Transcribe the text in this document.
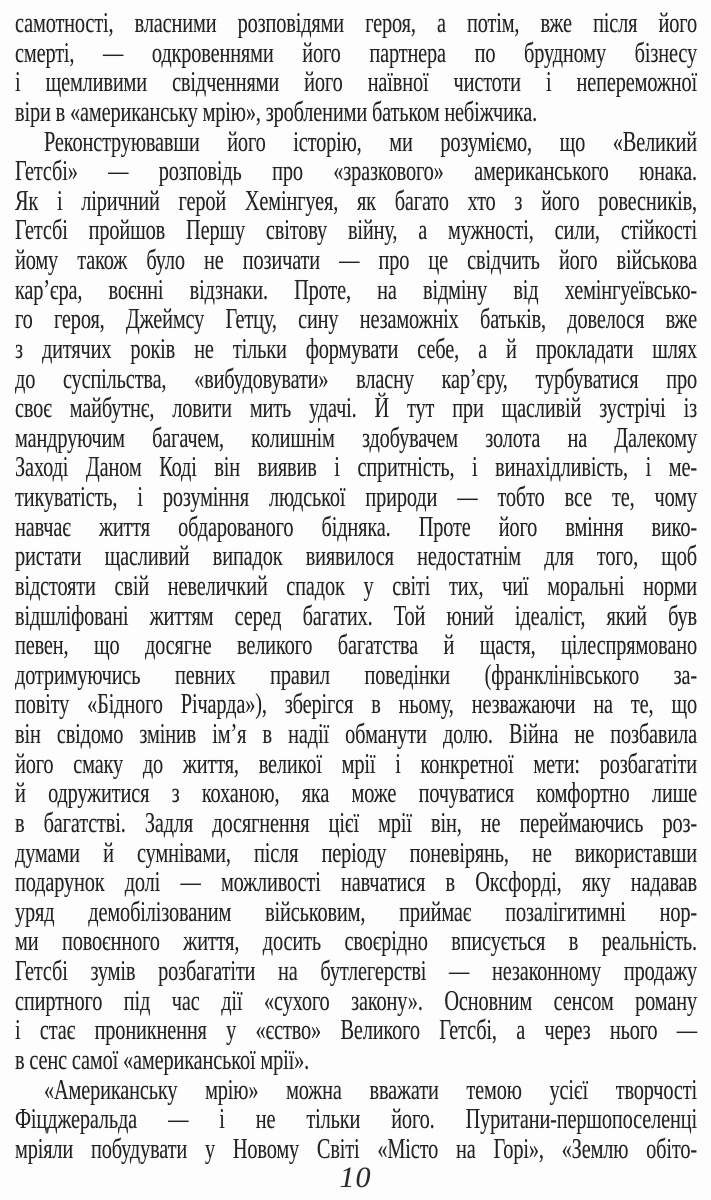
самотності, власними розповідями героя, а потім, вже після його
смерті, — одкровеннями його партнера по брудному бізнесу
і щемливими свідченнями його наївної чистоти і непереможної
віри в «американську мрію», зробленими батьком небіжчика.

Реконструювавши його історію, ми розуміємо, що «Великий
Гетсбі» — розповідь про «зразкового» американського юнака.
Як і ліричний герой Хемінгуея, як багато хто з його ровесників,
Гетсбі пройшов Першу світову війну, а мужності, сили, стійкості
йому також було не позичати — про це свідчить його військова
кар’єра, воєнні відзнаки. Проте, на відміну від хемінгуеївсько-
го героя, Джеймсу Гетцу, сину незаможніх батьків, довелося вже
з дитячих років не тільки формувати себе, а й прокладати шлях
до суспільства, «вибудовувати» власну кар’єру, турбуватися про
своє майбутнє, ловити мить удачі. Й тут при щасливій зустрічі із
мандруючим багачем, колишнім здобувачем золота на Далекому
Заході Даном Коді він виявив і спритність, і винахідливість, і ме-
тикуватість, і розуміння людської природи — тобто все те, чому
навчає життя обдарованого бідняка. Проте його вміння вико-
ристати щасливий випадок виявилося недостатнім для того, щоб
відстояти свій невеличкий спадок у світі тих, чиї моральні норми
відшліфовані життям серед багатих. Той юний ідеаліст, який був
певен, що досягне великого багатства й щастя, цілеспрямовано
дотримуючись певних правил поведінки (франклінівського за-
повіту «Бідного Річарда»), зберігся в ньому, незважаючи на те, що
він свідомо змінив ім’я в надії обманути долю. Війна не позбавила
його смаку до життя, великої мрії і конкретної мети: розбагатіти
й одружитися з коханою, яка може почуватися комфортно лише
в багатстві. Задля досягнення цієї мрії він, не переймаючись роз-
думами й сумнівами, після періоду поневірянь, не використавши
подарунок долі — можливості навчатися в Оксфорді, яку надавав
уряд демобілізованим військовим, приймає позалігитимні нор-
ми повоєнного життя, досить своєрідно вписується в реальність.
Гетсбі зумів розбагатіти на бутлегерстві — незаконному продажу
спиртного під час дії «сухого закону». Основним сенсом роману
і стає проникнення у «єство» Великого Гетсбі, а через нього —
в сенс самої «американської мрії».

«Американську мрію» можна вважати темою усієї творчості
Фіцджеральда — і не тільки його. Пуритани-першопоселенці
мріяли побудувати у Новому Світі «Місто на Горі», «Землю обіто-

10
